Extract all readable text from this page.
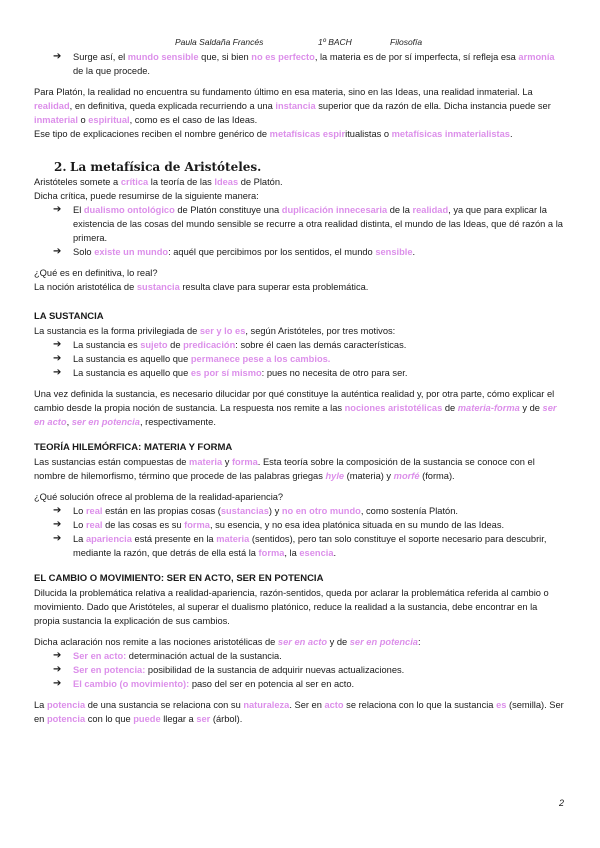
Paula Saldaña Francés	1º BACH	Filosofía
➔ Surge así, el mundo sensible que, si bien no es perfecto, la materia es de por sí imperfecta, sí refleja esa armonía de la que procede.

Para Platón, la realidad no encuentra su fundamento último en esa materia, sino en las Ideas, una realidad inmaterial. La realidad, en definitiva, queda explicada recurriendo a una instancia superior que da razón de ella. Dicha instancia puede ser inmaterial o espiritual, como es el caso de las Ideas.

Ese tipo de explicaciones reciben el nombre genérico de metafísicas espiritualistas o metafísicas inmaterialistas.

2. La metafísica de Aristóteles.

Aristóteles somete a crítica la teoría de las Ideas de Platón.

Dicha crítica, puede resumirse de la siguiente manera:

➔ El dualismo ontológico de Platón constituye una duplicación innecesaria de la realidad, ya que para explicar la existencia de las cosas del mundo sensible se recurre a otra realidad distinta, el mundo de las Ideas, que dé razón a la primera.
➔ Solo existe un mundo: aquél que percibimos por los sentidos, el mundo sensible.

¿Qué es en definitiva, lo real?

La noción aristotélica de sustancia resulta clave para superar esta problemática.

LA SUSTANCIA

La sustancia es la forma privilegiada de ser y lo es, según Aristóteles, por tres motivos:

➔ La sustancia es sujeto de predicación: sobre él caen las demás características.
➔ La sustancia es aquello que permanece pese a los cambios.
➔ La sustancia es aquello que es por sí mismo: pues no necesita de otro para ser.

Una vez definida la sustancia, es necesario dilucidar por qué constituye la auténtica realidad y, por otra parte, cómo explicar el cambio desde la propia noción de sustancia. La respuesta nos remite a las nociones aristotélicas de materia-forma y de ser en acto, ser en potencia, respectivamente.

TEORÍA HILEMÓRFICA: MATERIA Y FORMA

Las sustancias están compuestas de materia y forma. Esta teoría sobre la composición de la sustancia se conoce con el nombre de hilemorfismo, término que procede de las palabras griegas hyle (materia) y morfé (forma).

¿Qué solución ofrece al problema de la realidad-apariencia?

➔ Lo real están en las propias cosas (sustancias) y no en otro mundo, como sostenía Platón.
➔ Lo real de las cosas es su forma, su esencia, y no esa idea platónica situada en su mundo de las Ideas.
➔ La apariencia está presente en la materia (sentidos), pero tan solo constituye el soporte necesario para descubrir, mediante la razón, que detrás de ella está la forma, la esencia.
EL CAMBIO O MOVIMIENTO: SER EN ACTO, SER EN POTENCIA

Dilucida la problemática relativa a realidad-apariencia, razón-sentidos, queda por aclarar la problemática referida al cambio o movimiento. Dado que Aristóteles, al superar el dualismo platónico, reduce la realidad a la sustancia, debe encontrar en la propia sustancia la explicación de sus cambios.

Dicha aclaración nos remite a las nociones aristotélicas de ser en acto y de ser en potencia:

➔ Ser en acto: determinación actual de la sustancia.
➔ Ser en potencia: posibilidad de la sustancia de adquirir nuevas actualizaciones.
➔ El cambio (o movimiento): paso del ser en potencia al ser en acto.

La potencia de una sustancia se relaciona con su naturaleza. Ser en acto se relaciona con lo que la sustancia es (semilla). Ser en potencia con lo que puede llegar a ser (árbol).

2
